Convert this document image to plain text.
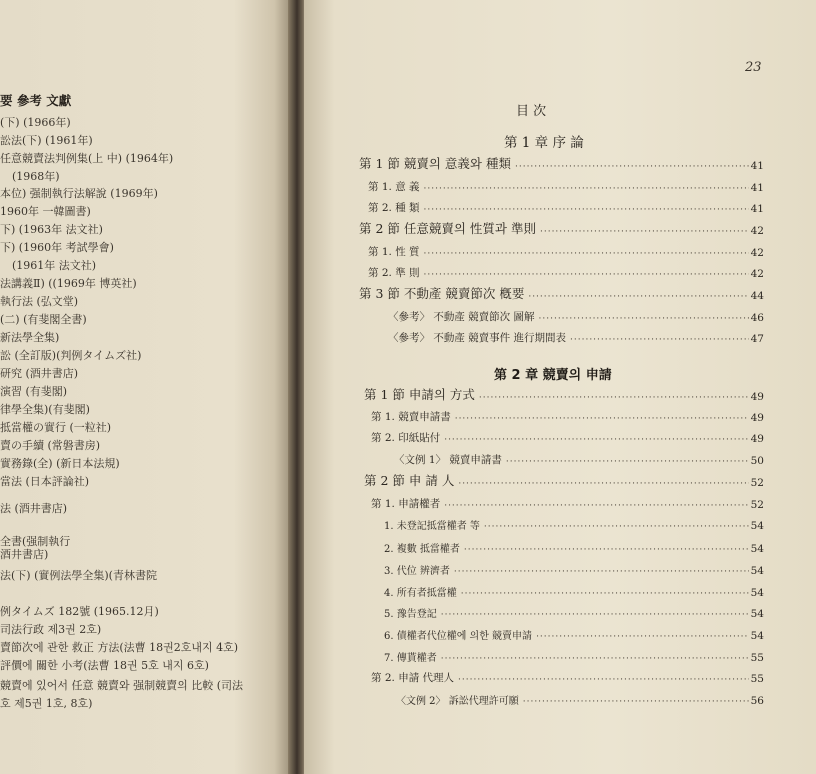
要 參考 文獻
(下) (1966年)
訟法(下) (1961年)
任意競賣法判例集(上 中) (1964年)
(1968年)
本位) 强制執行法解說 (1969年)
1960年 一韓圖書)
下) (1963年 法文社)
下) (1960年 考試學會)
(1961年 法文社)
法講義Ⅱ) ((1969年 博英社)
執行法 (弘文堂)
(二) (有斐閣全書)
新法學全集)
訟 (全訂版)(判例タイムズ社)
研究 (酒井書店)
演習 (有斐閣)
律學全集)(有斐閣)
抵當權の實行 (一粒社)
賣の手續 (常磐書房)
實務錄(全) (新日本法規)
當法 (日本評論社)
法 (酒井書店)
全書(强制執行
酒井書店)
法(下) (實例法學全集)(青林書院
例タイムズ 182號 (1965.12月)
司法行政 제3권 2호)
賣節次에 관한 救正 方法(法曹 18권2호내지 4호)
評價에 關한 小考(法曹 18권 5호 내지 6호)
競賣에 있어서 任意 競賣와 强制競賣의 比較 (司法
호 제5권 1호, 8호)
23
目 次
第 1 章 序 論
第 1 節 競賣의 意義와 種類 ·····	41
第 1. 意 義 ·····	41
第 2. 種 類 ·····	41
第 2 節 任意競賣의 性質과 準則 ·····	42
第 1. 性 質 ·····	42
第 2. 準 則 ·····	42
第 3 節 不動產 競賣節次 槪要 ·····	44
〈參考〉 不動產 競賣節次 圖解 ·····	46
〈參考〉 不動產 競賣事件 進行期間表 ·····	47
第 2 章 競賣의 申請
第 1 節 申請의 方式 ·····	49
第 1. 競賣申請書 ·····	49
第 2. 印紙貼付 ·····	49
〈文例 1〉 競賣申請書 ·····	50
第 2 節 申 請 人 ·····	52
第 1. 申請權者 ·····	52
1. 未登記抵當權者 等 ·····	54
2. 複數 抵當權者 ·····	54
3. 代位 辨濟者 ·····	54
4. 所有者抵當權 ·····	54
5. 豫告登記 ·····	54
6. 債權者代位權에 의한 競賣申請 ·····	54
7. 傳貰權者 ·····	55
第 2. 申請 代理人 ·····	55
〈文例 2〉 訴訟代理許可願 ·····	56
